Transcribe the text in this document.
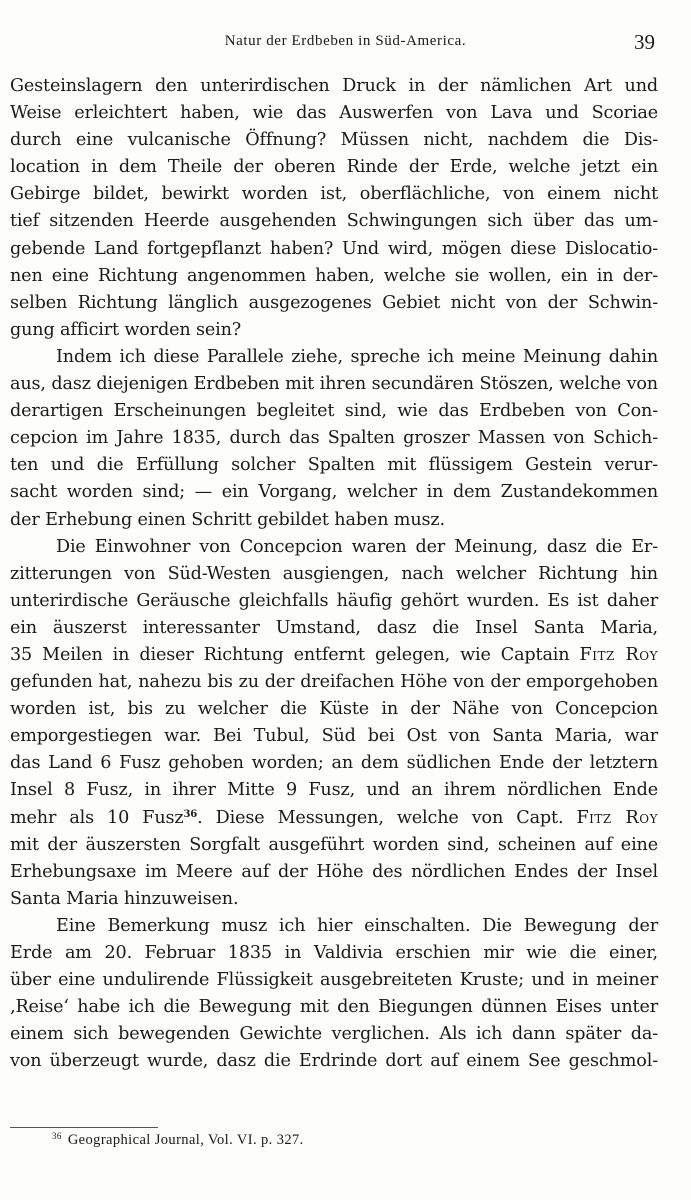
Natur der Erdbeben in Süd-America.	39

Gesteinslagern den unterirdischen Druck in der nämlichen Art und

Weise erleichtert haben, wie das Auswerfen von Lava und Scoriae

durch eine vulcanische Öffnung? Müssen nicht, nachdem die Dis-

location in dem Theile der oberen Rinde der Erde, welche jetzt ein

Gebirge bildet, bewirkt worden ist, oberflächliche, von einem nicht

tief sitzenden Heerde ausgehenden Schwingungen sich über das um-

gebende Land fortgepflanzt haben? Und wird, mögen diese Dislocatio-

nen eine Richtung angenommen haben, welche sie wollen, ein in der-

selben Richtung länglich ausgezogenes Gebiet nicht von der Schwin-

gung afficirt worden sein?

Indem ich diese Parallele ziehe, spreche ich meine Meinung dahin

aus, dasz diejenigen Erdbeben mit ihren secundären Stöszen, welche von

derartigen Erscheinungen begleitet sind, wie das Erdbeben von Con-

cepcion im Jahre 1835, durch das Spalten groszer Massen von Schich-

ten und die Erfüllung solcher Spalten mit flüssigem Gestein verur-

sacht worden sind; — ein Vorgang, welcher in dem Zustandekommen

der Erhebung einen Schritt gebildet haben musz.

Die Einwohner von Concepcion waren der Meinung, dasz die Er-

zitterungen von Süd-Westen ausgiengen, nach welcher Richtung hin

unterirdische Geräusche gleichfalls häufig gehört wurden. Es ist daher

ein äuszerst interessanter Umstand, dasz die Insel Santa Maria,

35 Meilen in dieser Richtung entfernt gelegen, wie Captain Fitz Roy

gefunden hat, nahezu bis zu der dreifachen Höhe von der emporgehoben

worden ist, bis zu welcher die Küste in der Nähe von Concepcion

emporgestiegen war. Bei Tubul, Süd bei Ost von Santa Maria, war

das Land 6 Fusz gehoben worden; an dem südlichen Ende der letztern

Insel 8 Fusz, in ihrer Mitte 9 Fusz, und an ihrem nördlichen Ende

mehr als 10 Fusz$^{36}$. Diese Messungen, welche von Capt. Fitz Roy

mit der äuszersten Sorgfalt ausgeführt worden sind, scheinen auf eine

Erhebungsaxe im Meere auf der Höhe des nördlichen Endes der Insel

Santa Maria hinzuweisen.

Eine Bemerkung musz ich hier einschalten. Die Bewegung der

Erde am 20. Februar 1835 in Valdivia erschien mir wie die einer,

über eine undulirende Flüssigkeit ausgebreiteten Kruste; und in meiner

‚Reise‘ habe ich die Bewegung mit den Biegungen dünnen Eises unter

einem sich bewegenden Gewichte verglichen. Als ich dann später da-

von überzeugt wurde, dasz die Erdrinde dort auf einem See geschmol-

$^{36}$ Geographical Journal, Vol. VI. p. 327.
